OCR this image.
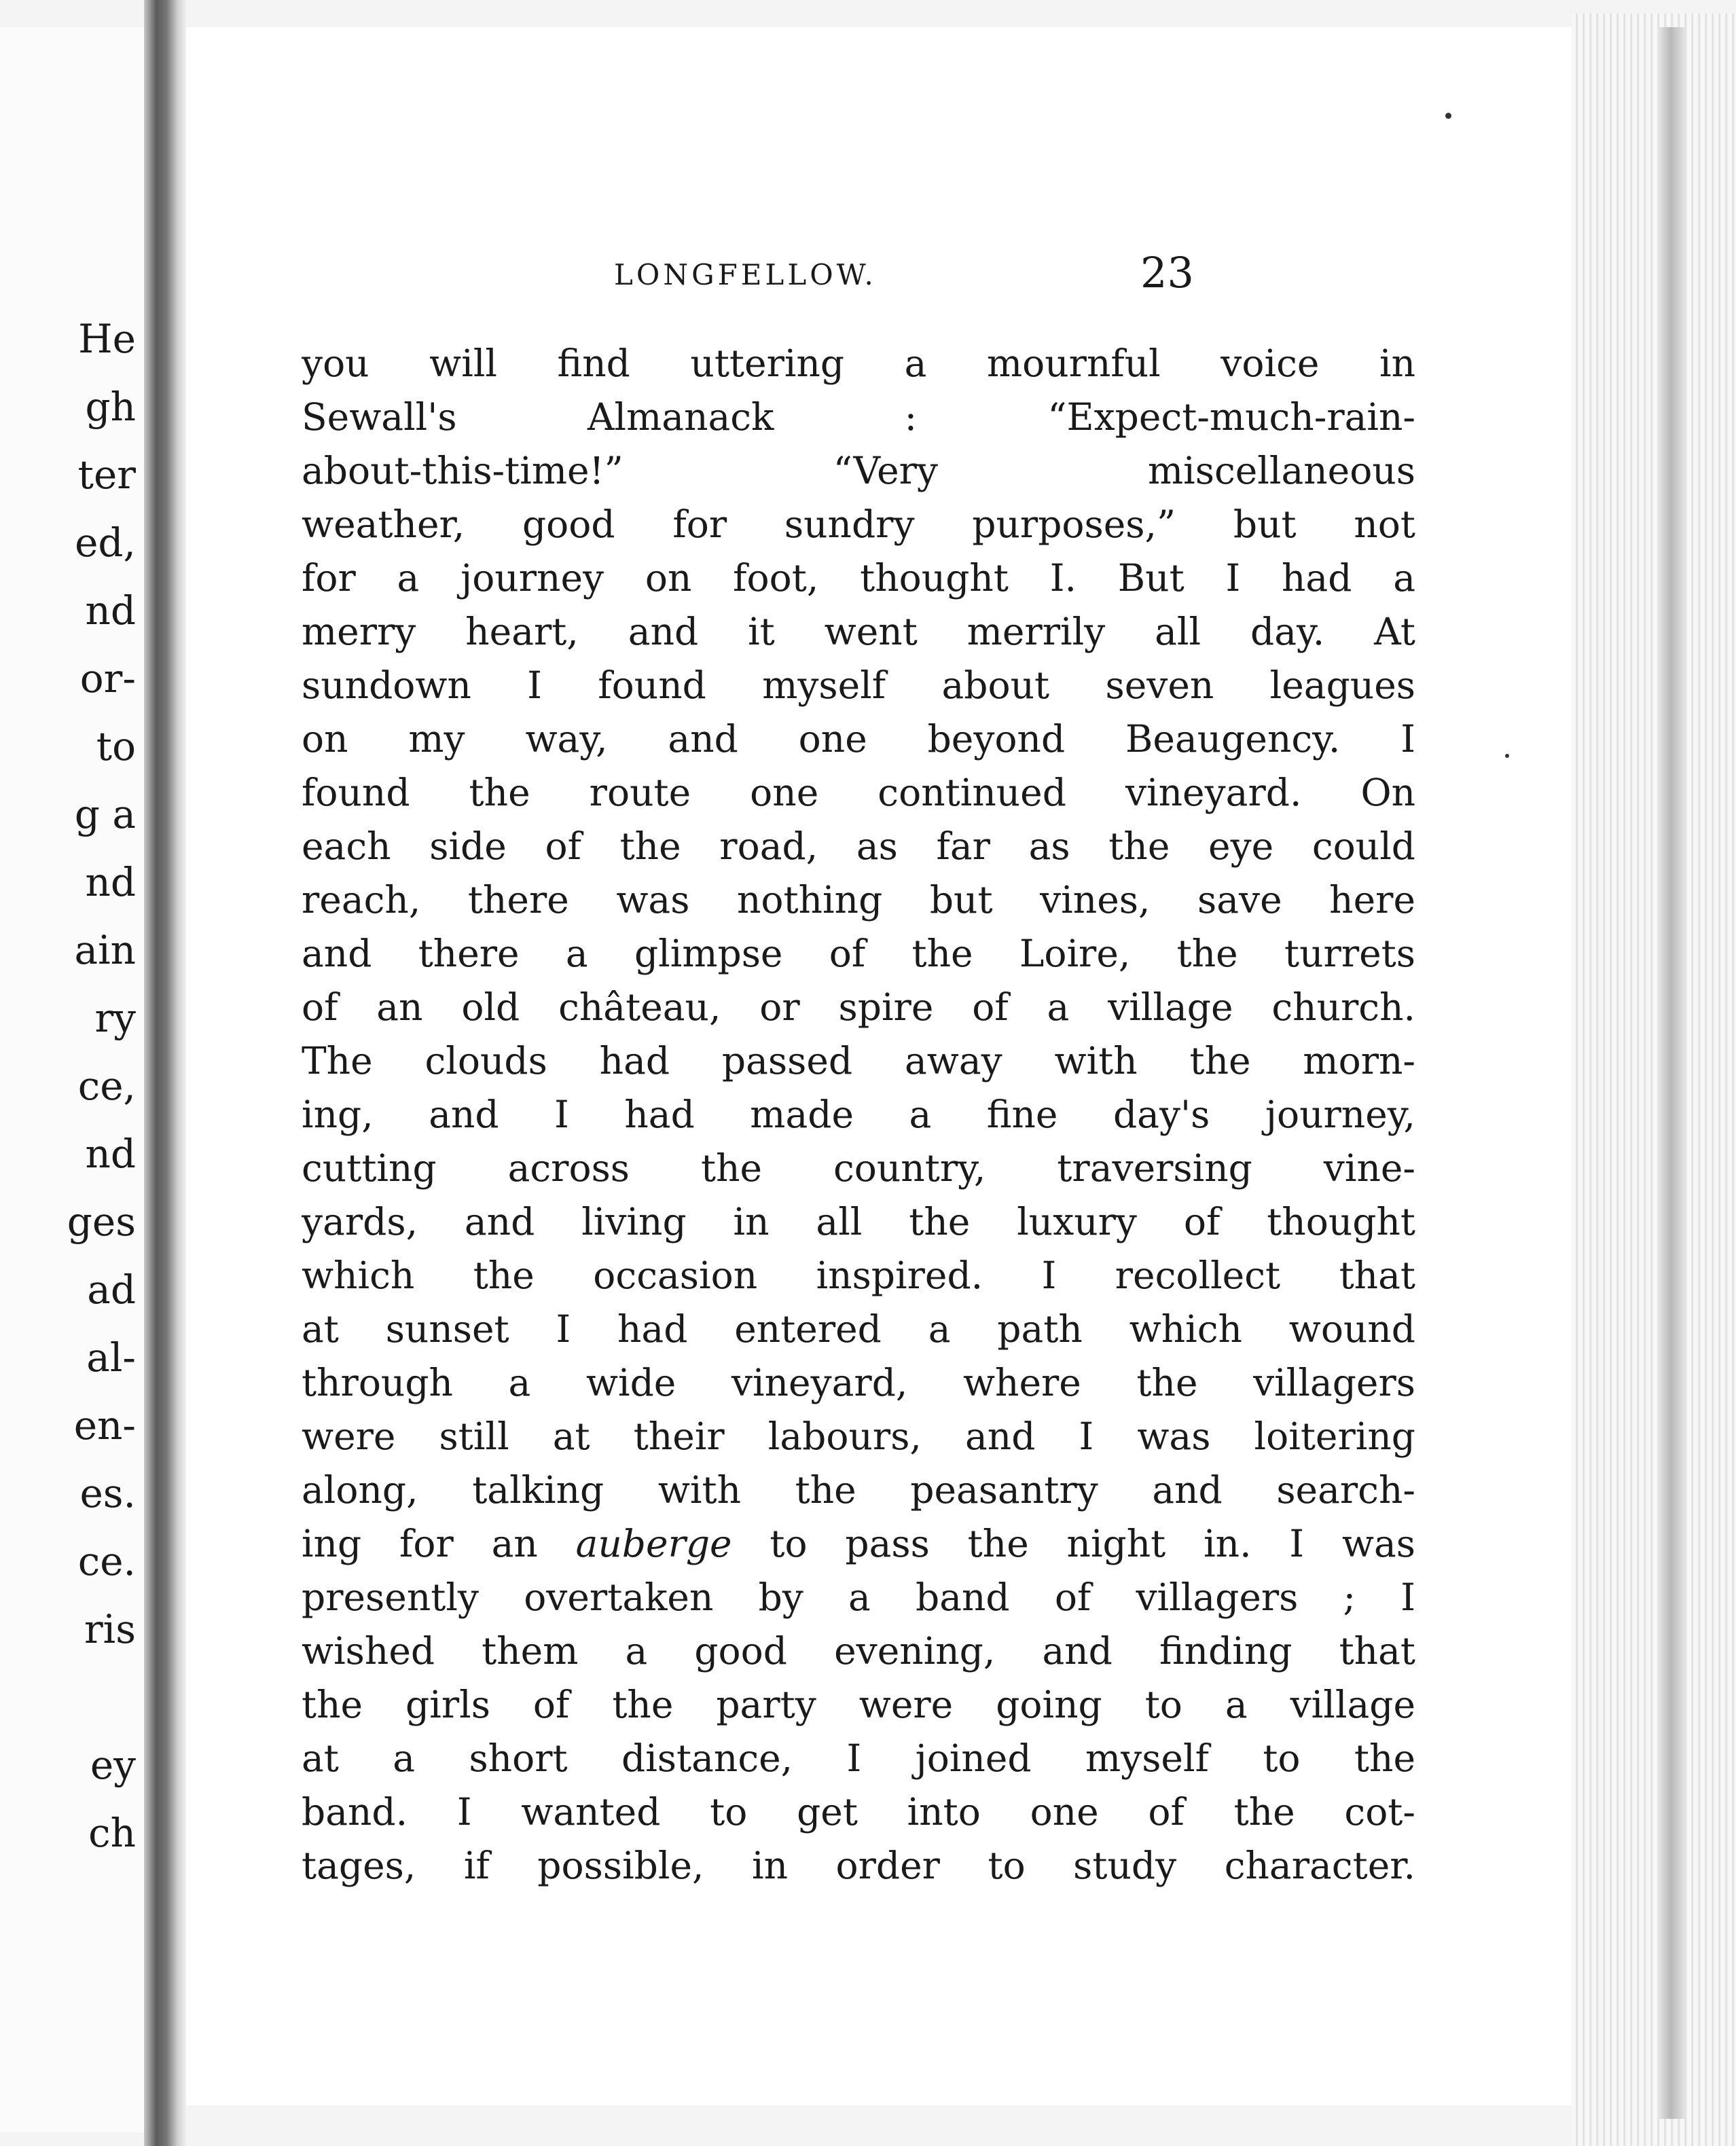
He
gh
ter
ed,
nd
or-
to
g a
nd
ain
ry
ce,
nd
ges
ad
al-
en-
es.
ce.
ris
ey
ch
LONGFELLOW.	23
you will find uttering a mournful voice in
Sewall's Almanack : “Expect-much-rain-
about-this-time!” “Very miscellaneous
weather, good for sundry purposes,” but not
for a journey on foot, thought I. But I had a
merry heart, and it went merrily all day. At
sundown I found myself about seven leagues
on my way, and one beyond Beaugency. I
found the route one continued vineyard. On
each side of the road, as far as the eye could
reach, there was nothing but vines, save here
and there a glimpse of the Loire, the turrets
of an old château, or spire of a village church.
The clouds had passed away with the morn-
ing, and I had made a fine day's journey,
cutting across the country, traversing vine-
yards, and living in all the luxury of thought
which the occasion inspired. I recollect that
at sunset I had entered a path which wound
through a wide vineyard, where the villagers
were still at their labours, and I was loitering
along, talking with the peasantry and search-
ing for an auberge to pass the night in. I was
presently overtaken by a band of villagers ; I
wished them a good evening, and finding that
the girls of the party were going to a village
at a short distance, I joined myself to the
band. I wanted to get into one of the cot-
tages, if possible, in order to study character.
